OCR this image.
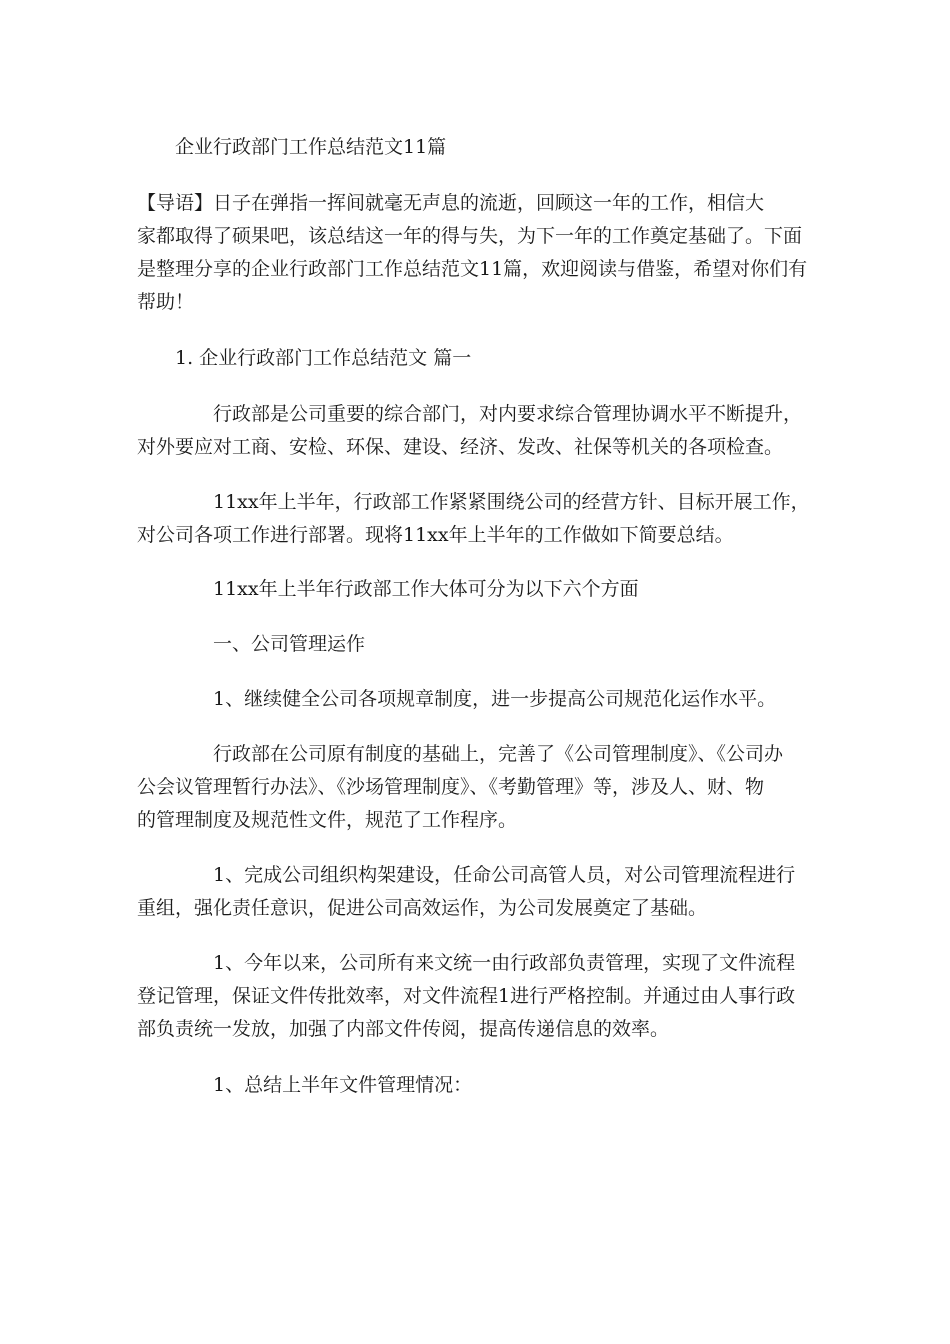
企业行政部门工作总结范文11篇
【导语】日子在弹指一挥间就毫无声息的流逝，回顾这一年的工作，相信大
家都取得了硕果吧，该总结这一年的得与失，为下一年的工作奠定基础了。下面
是整理分享的企业行政部门工作总结范文11篇，欢迎阅读与借鉴，希望对你们有
帮助！
1. 企业行政部门工作总结范文 篇一
行政部是公司重要的综合部门，对内要求综合管理协调水平不断提升，
对外要应对工商、安检、环保、建设、经济、发改、社保等机关的各项检查。
11xx年上半年，行政部工作紧紧围绕公司的经营方针、目标开展工作，
对公司各项工作进行部署。现将11xx年上半年的工作做如下简要总结。
11xx年上半年行政部工作大体可分为以下六个方面
一、公司管理运作
1、继续健全公司各项规章制度，进一步提高公司规范化运作水平。
行政部在公司原有制度的基础上，完善了《公司管理制度》、《公司办
公会议管理暂行办法》、《沙场管理制度》、《考勤管理》等，涉及人、财、物
的管理制度及规范性文件，规范了工作程序。
1、完成公司组织构架建设，任命公司高管人员，对公司管理流程进行
重组，强化责任意识，促进公司高效运作，为公司发展奠定了基础。
1、今年以来，公司所有来文统一由行政部负责管理，实现了文件流程
登记管理，保证文件传批效率，对文件流程1进行严格控制。并通过由人事行政
部负责统一发放，加强了内部文件传阅，提高传递信息的效率。
1、总结上半年文件管理情况：
